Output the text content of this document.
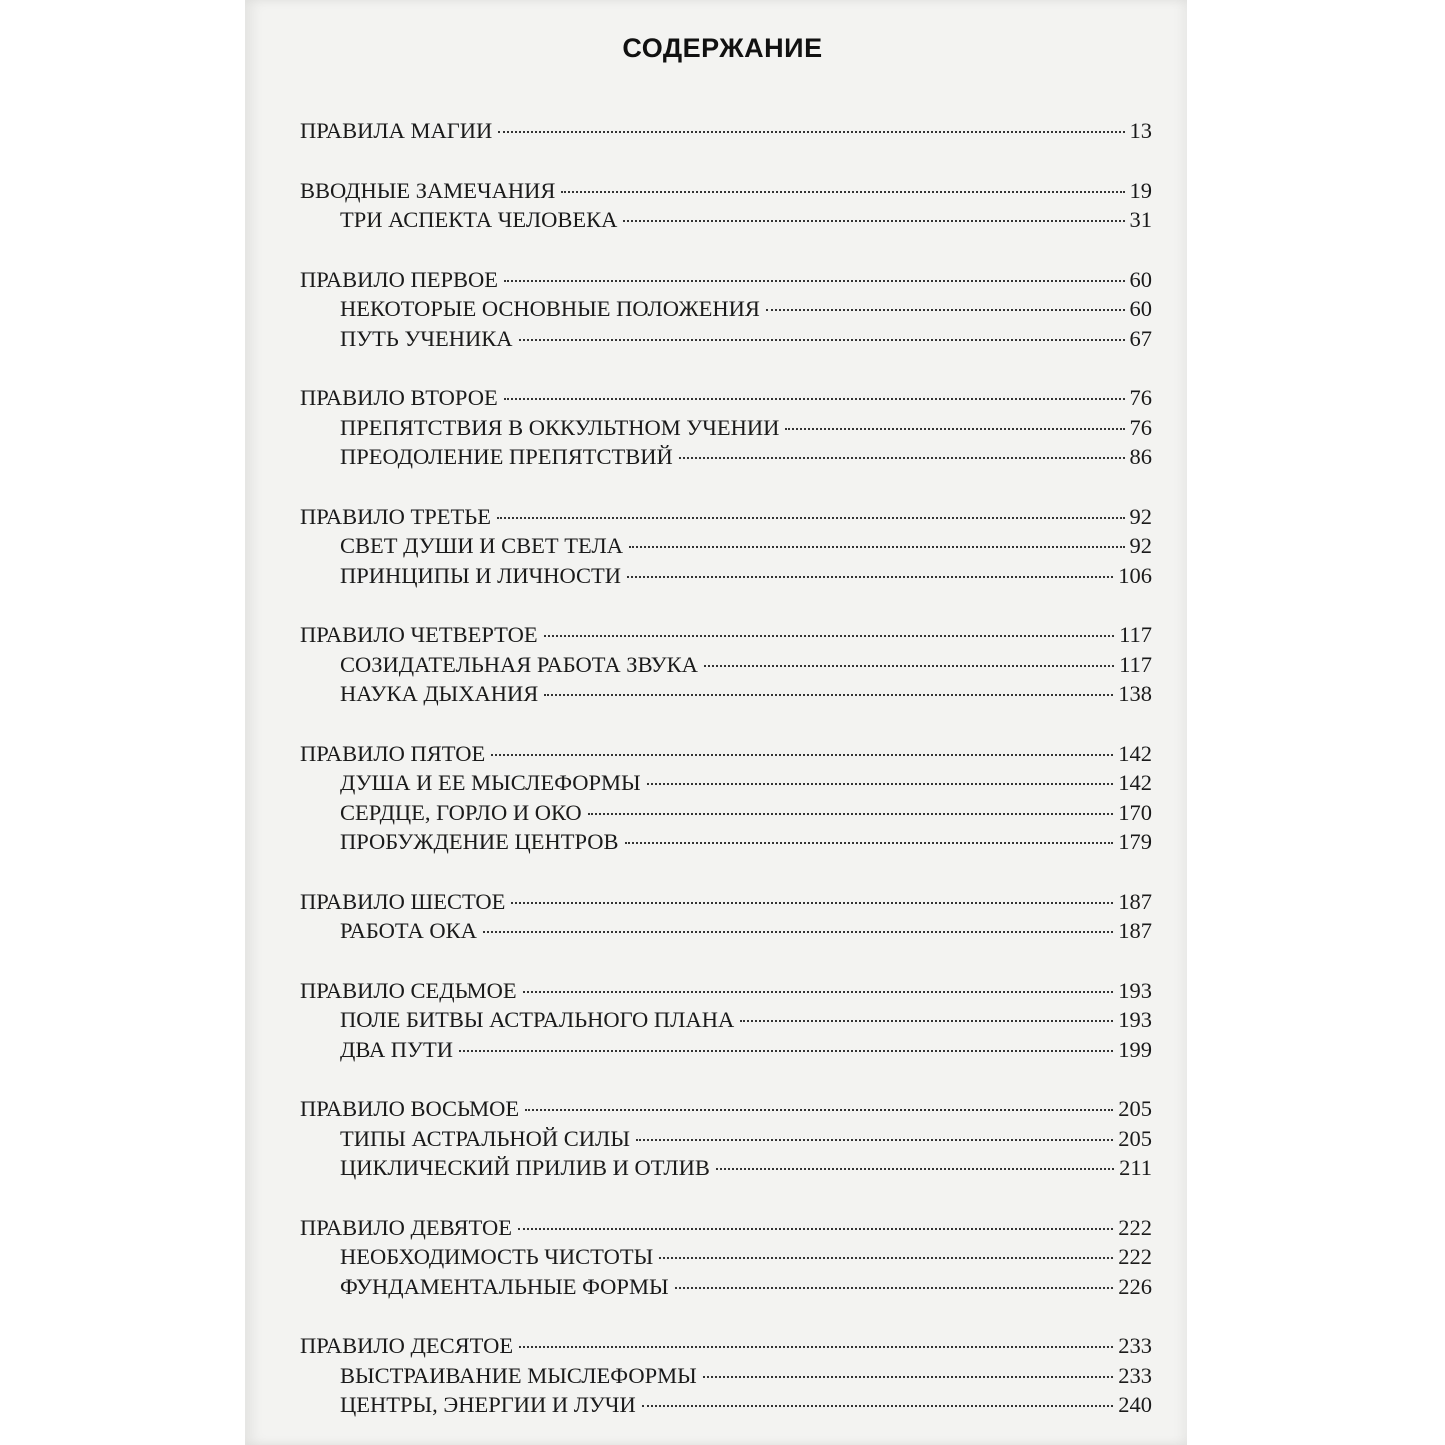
СОДЕРЖАНИЕ
ПРАВИЛА МАГИИ	13
ВВОДНЫЕ ЗАМЕЧАНИЯ	19
ТРИ АСПЕКТА ЧЕЛОВЕКА	31
ПРАВИЛО ПЕРВОЕ	60
НЕКОТОРЫЕ ОСНОВНЫЕ ПОЛОЖЕНИЯ	60
ПУТЬ УЧЕНИКА	67
ПРАВИЛО ВТОРОЕ	76
ПРЕПЯТСТВИЯ В ОККУЛЬТНОМ УЧЕНИИ	76
ПРЕОДОЛЕНИЕ ПРЕПЯТСТВИЙ	86
ПРАВИЛО ТРЕТЬЕ	92
СВЕТ ДУШИ И СВЕТ ТЕЛА	92
ПРИНЦИПЫ И ЛИЧНОСТИ	106
ПРАВИЛО ЧЕТВЕРТОЕ	117
СОЗИДАТЕЛЬНАЯ РАБОТА ЗВУКА	117
НАУКА ДЫХАНИЯ	138
ПРАВИЛО ПЯТОЕ	142
ДУША И ЕЕ МЫСЛЕФОРМЫ	142
СЕРДЦЕ, ГОРЛО И ОКО	170
ПРОБУЖДЕНИЕ ЦЕНТРОВ	179
ПРАВИЛО ШЕСТОЕ	187
РАБОТА ОКА	187
ПРАВИЛО СЕДЬМОЕ	193
ПОЛЕ БИТВЫ АСТРАЛЬНОГО ПЛАНА	193
ДВА ПУТИ	199
ПРАВИЛО ВОСЬМОЕ	205
ТИПЫ АСТРАЛЬНОЙ СИЛЫ	205
ЦИКЛИЧЕСКИЙ ПРИЛИВ И ОТЛИВ	211
ПРАВИЛО ДЕВЯТОЕ	222
НЕОБХОДИМОСТЬ ЧИСТОТЫ	222
ФУНДАМЕНТАЛЬНЫЕ ФОРМЫ	226
ПРАВИЛО ДЕСЯТОЕ	233
ВЫСТРАИВАНИЕ МЫСЛЕФОРМЫ	233
ЦЕНТРЫ, ЭНЕРГИИ И ЛУЧИ	240
